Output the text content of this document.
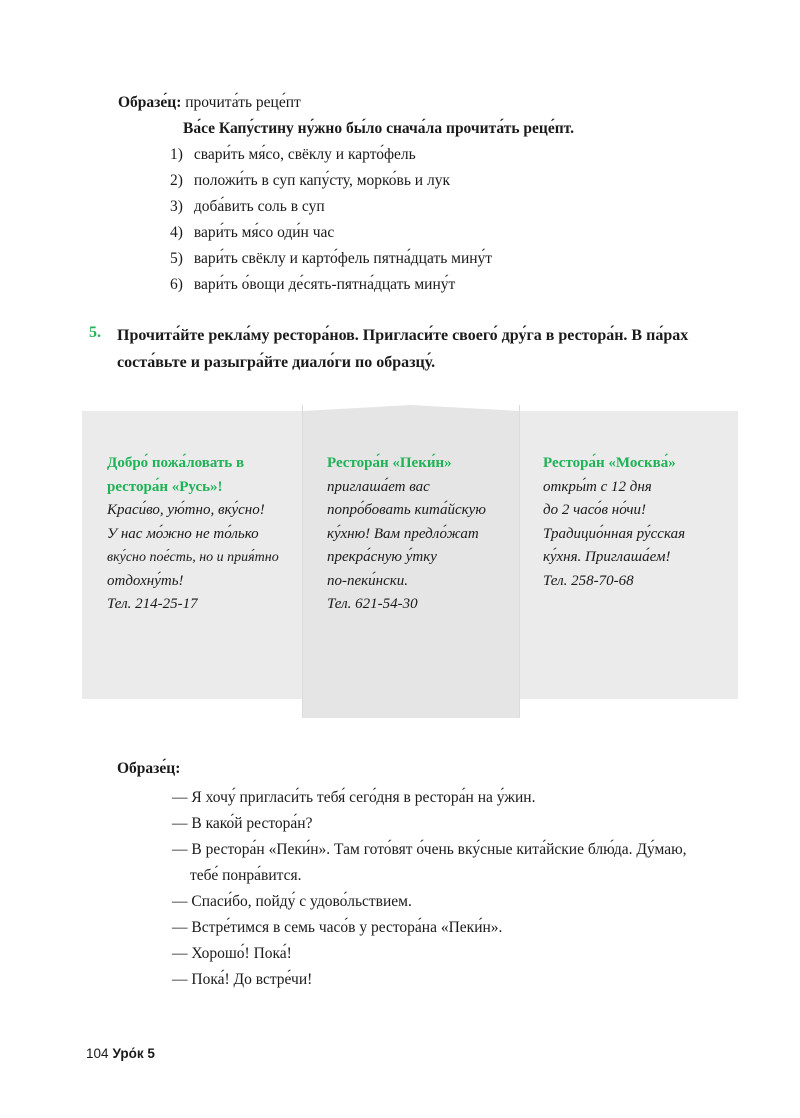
Образе́ц: прочита́ть реце́пт
Ва́се Капу́стину ну́жно бы́ло снача́ла прочита́ть реце́пт.
1) свари́ть мя́со, свёклу и карто́фель
2) положи́ть в суп капу́сту, морко́вь и лук
3) доба́вить соль в суп
4) вари́ть мя́со оди́н час
5) вари́ть свёклу и карто́фель пятна́дцать мину́т
6) вари́ть о́вощи де́сять-пятна́дцать мину́т
5. Прочита́йте рекла́му рестора́нов. Пригласи́те своего́ дру́га в рестора́н. В па́рах соста́вьте и разыгра́йте диало́ги по образцу́.
Добро́ пожа́ловать в
рестора́н «Русь»!
Краси́во, ую́тно, вку́сно!
У нас мо́жно не то́лько
вку́сно пое́сть, но и прия́тно
отдохну́ть!
Тел. 214-25-17
Рестора́н «Пеки́н»
приглаша́ет вас
попро́бовать кита́йскую
ку́хню! Вам предло́жат
прекра́сную у́тку
по-пеки́нски.
Тел. 621-54-30
Рестора́н «Москва́»
откры́т с 12 дня
до 2 часо́в но́чи!
Традицио́нная ру́сская
ку́хня. Приглаша́ем!
Тел. 258-70-68
Образе́ц:
— Я хочу́ пригласи́ть тебя́ сего́дня в рестора́н на у́жин.
— В како́й рестора́н?
— В рестора́н «Пеки́н». Там гото́вят о́чень вку́сные кита́йские блю́да. Ду́маю,
тебе́ понра́вится.
— Спаси́бо, пойду́ с удово́льствием.
— Встре́тимся в семь часо́в у рестора́на «Пеки́н».
— Хорошо́! Пока́!
— Пока́! До встре́чи!
104 Уро́к 5
